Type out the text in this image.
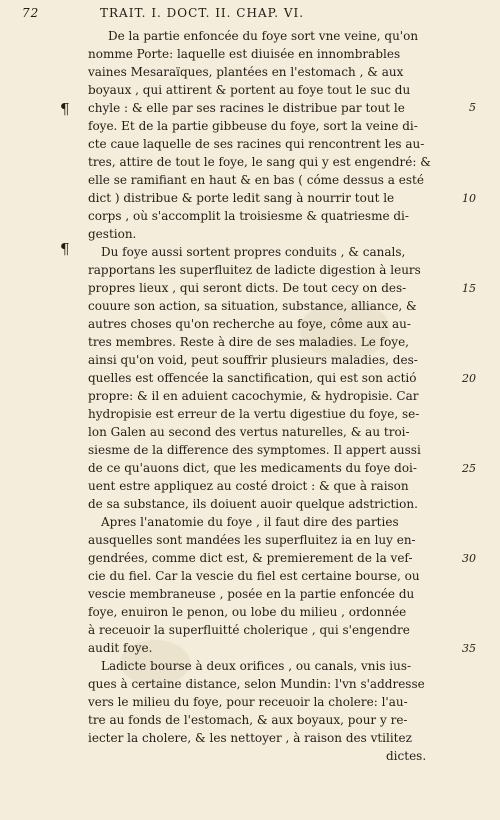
72	TRAIT. I. DOCT. II. CHAP. VI.
¶
¶
De la partie enfoncée du foye sort vne veine, qu'on
nomme Porte: laquelle est diuisée en innombrables
vaines Mesaraïques, plantées en l'estomach , & aux
boyaux , qui attirent & portent au foye tout le suc du
chyle : & elle par ses racines le distribue par tout le
foye. Et de la partie gibbeuse du foye, sort la veine di-
cte caue laquelle de ses racines qui rencontrent les au-
tres, attire de tout le foye, le sang qui y est engendré: &
elle se ramifiant en haut & en bas ( cóme dessus a esté
dict ) distribue & porte ledit sang à nourrir tout le
corps , où s'accomplit la troisiesme & quatriesme di-
gestion.
Du foye aussi sortent propres conduits , & canals,
rapportans les superfluitez de ladicte digestion à leurs
propres lieux , qui seront dicts. De tout cecy on des-
couure son action, sa situation, substance, alliance, &
autres choses qu'on recherche au foye, côme aux au-
tres membres. Reste à dire de ses maladies. Le foye,
ainsi qu'on void, peut souffrir plusieurs maladies, des-
quelles est offencée la sanctification, qui est son actió
propre: & il en aduient cacochymie, & hydropisie. Car
hydropisie est erreur de la vertu digestiue du foye, se-
lon Galen au second des vertus naturelles, & au troi-
siesme de la difference des symptomes. Il appert aussi
de ce qu'auons dict, que les medicaments du foye doi-
uent estre appliquez au costé droict : & que à raison
de sa substance, ils doiuent auoir quelque adstriction.
Apres l'anatomie du foye , il faut dire des parties
ausquelles sont mandées les superfluitez ia en luy en-
gendrées, comme dict est, & premierement de la vef-
cie du fiel. Car la vescie du fiel est certaine bourse, ou
vescie membraneuse , posée en la partie enfoncée du
foye, enuiron le penon, ou lobe du milieu , ordonnée
à receuoir la superfluitté cholerique , qui s'engendre
audit foye.
Ladicte bourse à deux orifices , ou canals, vnis ius-
ques à certaine distance, selon Mundin: l'vn s'addresse
vers le milieu du foye, pour receuoir la cholere: l'au-
tre au fonds de l'estomach, & aux boyaux, pour y re-
iecter la cholere, & les nettoyer , à raison des vtilitez
dictes.
5
10
15
20
25
30
35
